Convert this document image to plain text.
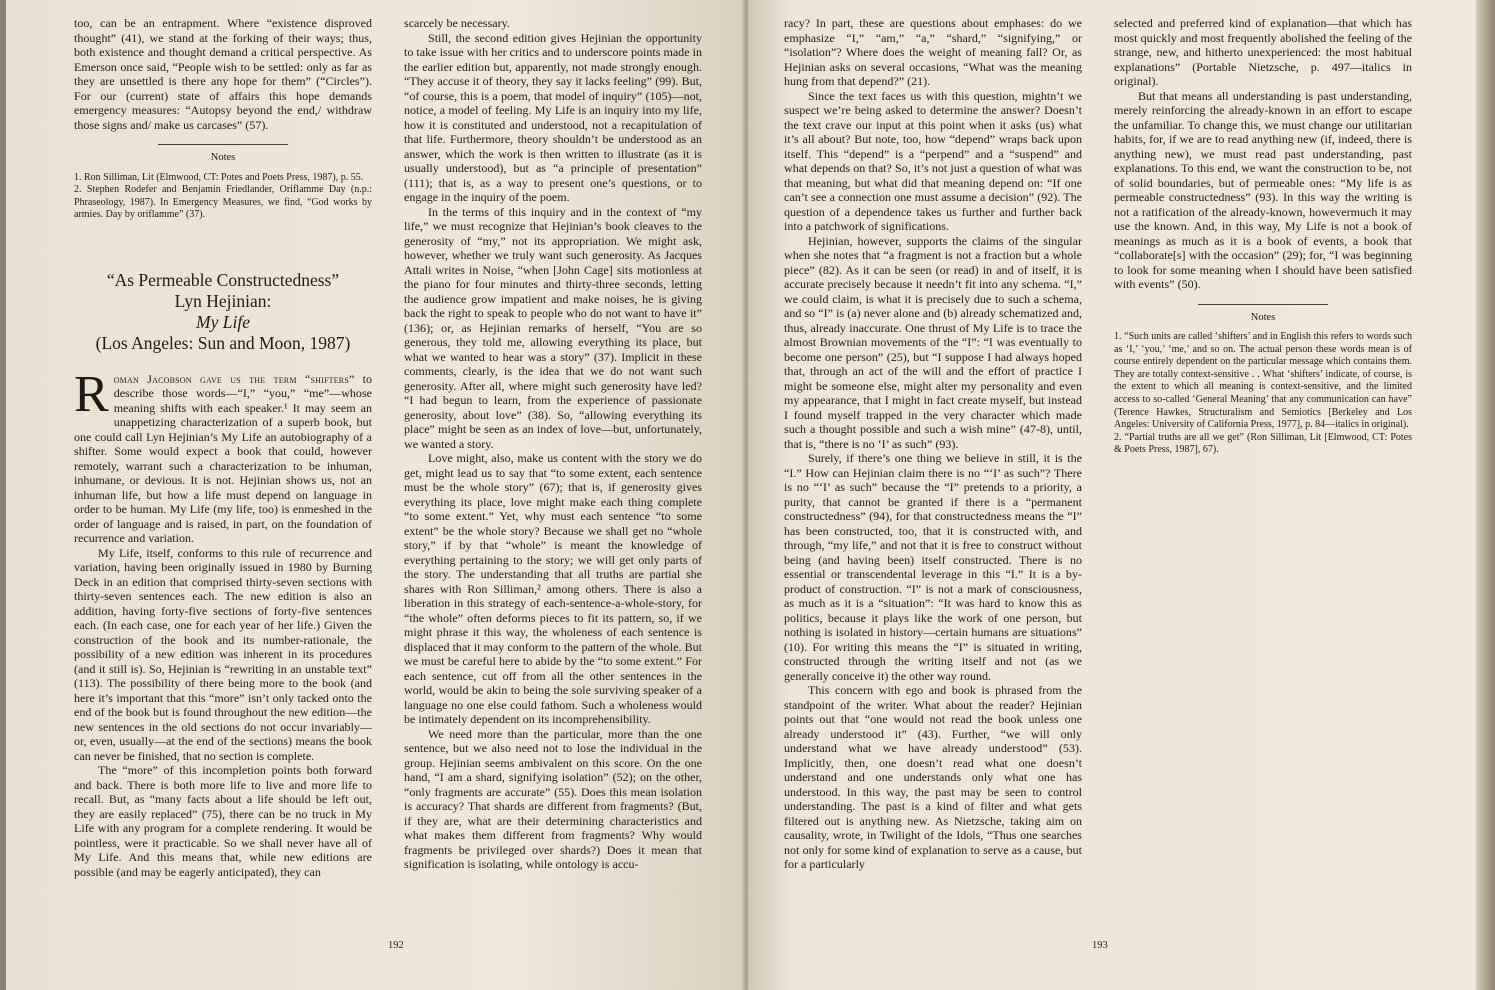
too, can be an entrapment. Where “existence disproved thought” (41), we stand at the forking of their ways; thus, both existence and thought demand a critical perspective. As Emerson once said, “People wish to be settled: only as far as they are unsettled is there any hope for them” (“Circles”). For our (current) state of affairs this hope demands emergency measures: “Autopsy beyond the end,/ withdraw those signs and/ make us carcases” (57).

Notes

1. Ron Silliman, Lit (Elmwood, CT: Potes and Poets Press, 1987), p. 55.

2. Stephen Rodefer and Benjamin Friedlander, Oriflamme Day (n.p.: Phraseology, 1987). In Emergency Measures, we find, “God works by armies. Day by oriflamme” (37).

“As Permeable Constructedness”
Lyn Hejinian:
My Life
(Los Angeles: Sun and Moon, 1987)

Roman Jacobson gave us the term “shifters” to describe those words—“I,” “you,” “me”—whose meaning shifts with each speaker.¹ It may seem an unappetizing characterization of a superb book, but one could call Lyn Hejinian’s My Life an autobiography of a shifter. Some would expect a book that could, however remotely, warrant such a characterization to be inhuman, inhumane, or devious. It is not. Hejinian shows us, not an inhuman life, but how a life must depend on language in order to be human. My Life (my life, too) is enmeshed in the order of language and is raised, in part, on the foundation of recurrence and variation.

My Life, itself, conforms to this rule of recurrence and variation, having been originally issued in 1980 by Burning Deck in an edition that comprised thirty-seven sections with thirty-seven sentences each. The new edition is also an addition, having forty-five sections of forty-five sentences each. (In each case, one for each year of her life.) Given the construction of the book and its number-rationale, the possibility of a new edition was inherent in its procedures (and it still is). So, Hejinian is “rewriting in an unstable text” (113). The possibility of there being more to the book (and here it’s important that this “more” isn’t only tacked onto the end of the book but is found throughout the new edition—the new sentences in the old sections do not occur invariably—or, even, usually—at the end of the sections) means the book can never be finished, that no section is complete.

The “more” of this incompletion points both forward and back. There is both more life to live and more life to recall. But, as “many facts about a life should be left out, they are easily replaced” (75), there can be no truck in My Life with any program for a complete rendering. It would be pointless, were it practicable. So we shall never have all of My Life. And this means that, while new editions are possible (and may be eagerly anticipated), they can

scarcely be necessary.

Still, the second edition gives Hejinian the opportunity to take issue with her critics and to underscore points made in the earlier edition but, apparently, not made strongly enough. “They accuse it of theory, they say it lacks feeling” (99). But, “of course, this is a poem, that model of inquiry” (105)—not, notice, a model of feeling. My Life is an inquiry into my life, how it is constituted and understood, not a recapitulation of that life. Furthermore, theory shouldn’t be understood as an answer, which the work is then written to illustrate (as it is usually understood), but as “a principle of presentation” (111); that is, as a way to present one’s questions, or to engage in the inquiry of the poem.

In the terms of this inquiry and in the context of “my life,” we must recognize that Hejinian’s book cleaves to the generosity of “my,” not its appropriation. We might ask, however, whether we truly want such generosity. As Jacques Attali writes in Noise, “when [John Cage] sits motionless at the piano for four minutes and thirty-three seconds, letting the audience grow impatient and make noises, he is giving back the right to speak to people who do not want to have it” (136); or, as Hejinian remarks of herself, “You are so generous, they told me, allowing everything its place, but what we wanted to hear was a story” (37). Implicit in these comments, clearly, is the idea that we do not want such generosity. After all, where might such generosity have led? “I had begun to learn, from the experience of passionate generosity, about love” (38). So, “allowing everything its place” might be seen as an index of love—but, unfortunately, we wanted a story.

Love might, also, make us content with the story we do get, might lead us to say that “to some extent, each sentence must be the whole story” (67); that is, if generosity gives everything its place, love might make each thing complete “to some extent.” Yet, why must each sentence “to some extent” be the whole story? Because we shall get no “whole story,” if by that “whole” is meant the knowledge of everything pertaining to the story; we will get only parts of the story. The understanding that all truths are partial she shares with Ron Silliman,² among others. There is also a liberation in this strategy of each-sentence-a-whole-story, for “the whole” often deforms pieces to fit its pattern, so, if we might phrase it this way, the wholeness of each sentence is displaced that it may conform to the pattern of the whole. But we must be careful here to abide by the “to some extent.” For each sentence, cut off from all the other sentences in the world, would be akin to being the sole surviving speaker of a language no one else could fathom. Such a wholeness would be intimately dependent on its incomprehensibility.

We need more than the particular, more than the one sentence, but we also need not to lose the individual in the group. Hejinian seems ambivalent on this score. On the one hand, “I am a shard, signifying isolation” (52); on the other, “only fragments are accurate” (55). Does this mean isolation is accuracy? That shards are different from fragments? (But, if they are, what are their determining characteristics and what makes them different from fragments? Why would fragments be privileged over shards?) Does it mean that signification is isolating, while ontology is accu-

192

racy? In part, these are questions about emphases: do we emphasize “I,” “am,” “a,” “shard,” “signifying,” or “isolation”? Where does the weight of meaning fall? Or, as Hejinian asks on several occasions, “What was the meaning hung from that depend?” (21).

Since the text faces us with this question, mightn’t we suspect we’re being asked to determine the answer? Doesn’t the text crave our input at this point when it asks (us) what it’s all about? But note, too, how “depend” wraps back upon itself. This “depend” is a “perpend” and a “suspend” and what depends on that? So, it’s not just a question of what was that meaning, but what did that meaning depend on: “If one can’t see a connection one must assume a decision” (92). The question of a dependence takes us further and further back into a patchwork of significations.

Hejinian, however, supports the claims of the singular when she notes that “a fragment is not a fraction but a whole piece” (82). As it can be seen (or read) in and of itself, it is accurate precisely because it needn’t fit into any schema. “I,” we could claim, is what it is precisely due to such a schema, and so “I” is (a) never alone and (b) already schematized and, thus, already inaccurate. One thrust of My Life is to trace the almost Brownian movements of the “I”: “I was eventually to become one person” (25), but “I suppose I had always hoped that, through an act of the will and the effort of practice I might be someone else, might alter my personality and even my appearance, that I might in fact create myself, but instead I found myself trapped in the very character which made such a thought possible and such a wish mine” (47-8), until, that is, “there is no ‘I’ as such” (93).

Surely, if there’s one thing we believe in still, it is the “I.” How can Hejinian claim there is no “‘I’ as such”? There is no “‘I’ as such” because the “I” pretends to a priority, a purity, that cannot be granted if there is a “permanent constructedness” (94), for that constructedness means the “I” has been constructed, too, that it is constructed with, and through, “my life,” and not that it is free to construct without being (and having been) itself constructed. There is no essential or transcendental leverage in this “I.” It is a by-product of construction. “I” is not a mark of consciousness, as much as it is a “situation”: “It was hard to know this as politics, because it plays like the work of one person, but nothing is isolated in history—certain humans are situations” (10). For writing this means the “I” is situated in writing, constructed through the writing itself and not (as we generally conceive it) the other way round.

This concern with ego and book is phrased from the standpoint of the writer. What about the reader? Hejinian points out that “one would not read the book unless one already understood it” (43). Further, “we will only understand what we have already understood” (53). Implicitly, then, one doesn’t read what one doesn’t understand and one understands only what one has understood. In this way, the past may be seen to control understanding. The past is a kind of filter and what gets filtered out is anything new. As Nietzsche, taking aim on causality, wrote, in Twilight of the Idols, “Thus one searches not only for some kind of explanation to serve as a cause, but for a particularly

selected and preferred kind of explanation—that which has most quickly and most frequently abolished the feeling of the strange, new, and hitherto unexperienced: the most habitual explanations” (Portable Nietzsche, p. 497—italics in original).

But that means all understanding is past understanding, merely reinforcing the already-known in an effort to escape the unfamiliar. To change this, we must change our utilitarian habits, for, if we are to read anything new (if, indeed, there is anything new), we must read past understanding, past explanations. To this end, we want the construction to be, not of solid boundaries, but of permeable ones: “My life is as permeable constructedness” (93). In this way the writing is not a ratification of the already-known, howevermuch it may use the known. And, in this way, My Life is not a book of meanings as much as it is a book of events, a book that “collaborate[s] with the occasion” (29); for, “I was beginning to look for some meaning when I should have been satisfied with events” (50).

Notes

1. “Such units are called ‘shifters’ and in English this refers to words such as ‘I,’ ‘you,’ ‘me,’ and so on. The actual person these words mean is of course entirely dependent on the particular message which contains them. They are totally context-sensitive . . What ‘shifters’ indicate, of course, is the extent to which all meaning is context-sensitive, and the limited access to so-called ‘General Meaning’ that any communication can have” (Terence Hawkes, Structuralism and Semiotics [Berkeley and Los Angeles: University of California Press, 1977], p. 84—italics in original).

2. “Partial truths are all we get” (Ron Silliman, Lit [Elmwood, CT: Potes & Poets Press, 1987], 67).

193
